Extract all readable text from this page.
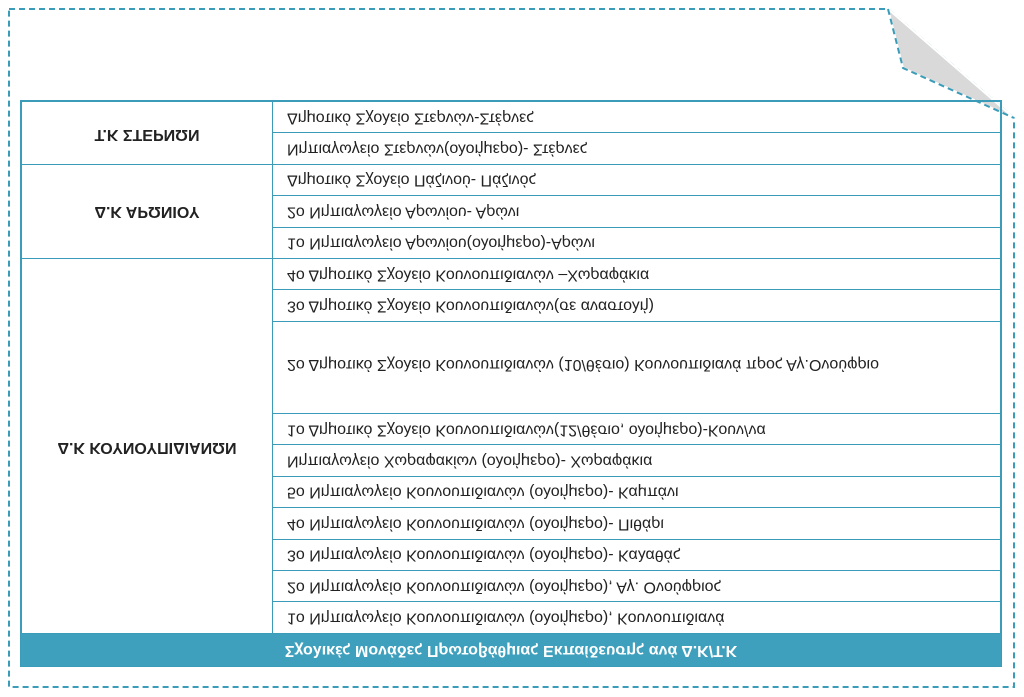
Τ.Κ ΣΤΕΡΝΩΝ	Δημοτικό Σχολείο Στερνών-Στέρνες
	Νηπιαγωγείο Στερνών(ολοήμερο)- Στέρνες
Δ.Κ ΑΡΩΝΙΟΥ	Δημοτικό Σχολείο Πάζινού- Πάζινός
	2ο Νηπιαγωγείο Αρωνίου- Αρώνι
	1ο Νηπιαγωγείο Αρωνίου(ολοήμερο)-Αρώνι
Δ.Κ ΚΟΥΝΟΥΠΙΔΙΑΝΩΝ	4ο Δημοτικό Σχολείο Κουνουπιδιανών –Χωραφάκια
	3ο Δημοτικό Σχολείο Κουνουπιδιανών(σε αναστολή)
	2ο Δημοτικό Σχολείο Κουνουπιδιανών (10/θέσιο) Κουνουπιδιανά προς Αγ.Ονούφριο
	1ο Δημοτικό Σχολείο Κουνουπιδιανών(12/θέσιο, ολοήμερο)-Κουν/να
	Νηπιαγωγείο Χωραφακίων (ολοήμερο)- Χωραφάκια
	5ο Νηπιαγωγείο Κουνουπιδιανών (ολοήμερο)- Καμπάνι
	4ο Νηπιαγωγείο Κουνουπιδιανών (ολοήμερο)- Πιθάρι
	3ο Νηπιαγωγείο Κουνουπιδιανών (ολοήμερο)- Καλαθάς
	2ο Νηπιαγωγείο Κουνουπιδιανών (ολοήμερο), Αγ. Ονούφριος
	1ο Νηπιαγωγείο Κουνουπιδιανών (ολοήμερο), Κουνουπιδιανά
Σχολικές Μονάδες Πρωτοβάθμιας Εκπαίδευσης ανά Δ.Κ/Τ.Κ
